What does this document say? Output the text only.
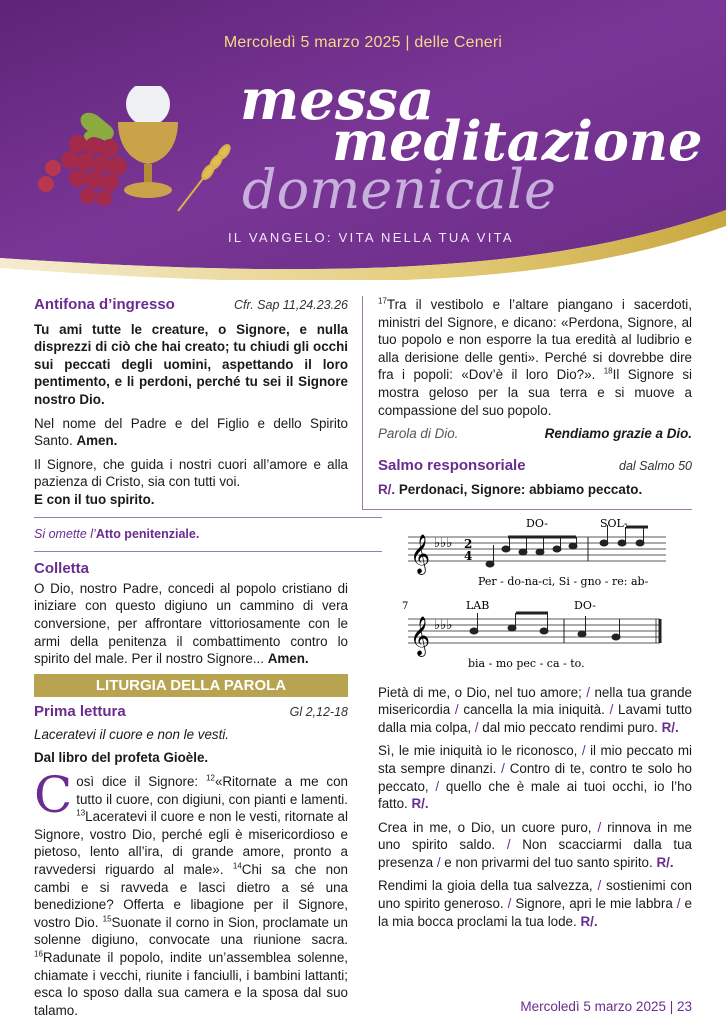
Mercoledì 5 marzo 2025 | delle Ceneri
messa
meditazione
domenicale
IL VANGELO: VITA NELLA TUA VITA
Antifona d’ingresso	Cfr. Sap 11,24.23.26

Tu ami tutte le creature, o Signore, e nulla disprezzi di ciò che hai creato; tu chiudi gli occhi sui peccati degli uomini, aspettando il loro pentimento, e li perdoni, perché tu sei il Signore nostro Dio.

Nel nome del Padre e del Figlio e dello Spirito Santo. Amen.

Il Signore, che guida i nostri cuori all’amore e alla pazienza di Cristo, sia con tutti voi.

E con il tuo spirito.

Si omette l’Atto penitenziale.

Colletta

O Dio, nostro Padre, concedi al popolo cristiano di iniziare con questo digiuno un cammino di vera conversione, per affrontare vittoriosamente con le armi della penitenza il combattimento contro lo spirito del male. Per il nostro Signore... Amen.

LITURGIA DELLA PAROLA
Prima lettura	Gl 2,12-18

Laceratevi il cuore e non le vesti.

Dal libro del profeta Gioèle.

Così dice il Signore: $^{12}$«Ritornate a me con tutto il cuore, con digiuni, con pianti e lamenti. $^{13}$Laceratevi il cuore e non le vesti, ritornate al Signore, vostro Dio, perché egli è misericordioso e pietoso, lento all’ira, di grande amore, pronto a ravvedersi riguardo al male». $^{14}$Chi sa che non cambi e si ravveda e lasci dietro a sé una benedizione? Offerta e libagione per il Signore, vostro Dio. $^{15}$Suonate il corno in Sion, proclamate un solenne digiuno, convocate una riunione sacra. $^{16}$Radunate il popolo, indite un’assemblea solenne, chiamate i vecchi, riunite i fanciulli, i bambini lattanti; esca lo sposo dalla sua camera e la sposa dal suo talamo.

$^{17}$Tra il vestibolo e l’altare piangano i sacerdoti, ministri del Signore, e dicano: «Perdona, Signore, al tuo popolo e non esporre la tua eredità al ludibrio e alla derisione delle genti». Perché si dovrebbe dire fra i popoli: «Dov’è il loro Dio?». $^{18}$Il Signore si mostra geloso per la sua terra e si muove a compassione del suo popolo.

Parola di Dio.	Rendiamo grazie a Dio.
Salmo responsoriale	dal Salmo 50

R/. Perdonaci, Signore: abbiamo peccato.

DO-	SOL-
𝄞 ♭♭♭ 2
4
Per - do-na-ci, Si - gno - re: ab-
7	LAB	DO-
𝄞 ♭♭♭
bia - mo pec - ca - to.

Pietà di me, o Dio, nel tuo amore; / nella tua grande misericordia / cancella la mia iniquità. / Lavami tutto dalla mia colpa, / dal mio peccato rendimi puro. R/.

Sì, le mie iniquità io le riconosco, / il mio peccato mi sta sempre dinanzi. / Contro di te, contro te solo ho peccato, / quello che è male ai tuoi occhi, io l’ho fatto. R/.

Crea in me, o Dio, un cuore puro, / rinnova in me uno spirito saldo. / Non scacciarmi dalla tua presenza / e non privarmi del tuo santo spirito. R/.

Rendimi la gioia della tua salvezza, / sostienimi con uno spirito generoso. / Signore, apri le mie labbra / e la mia bocca proclami la tua lode. R/.

Mercoledì 5 marzo 2025 | 23
